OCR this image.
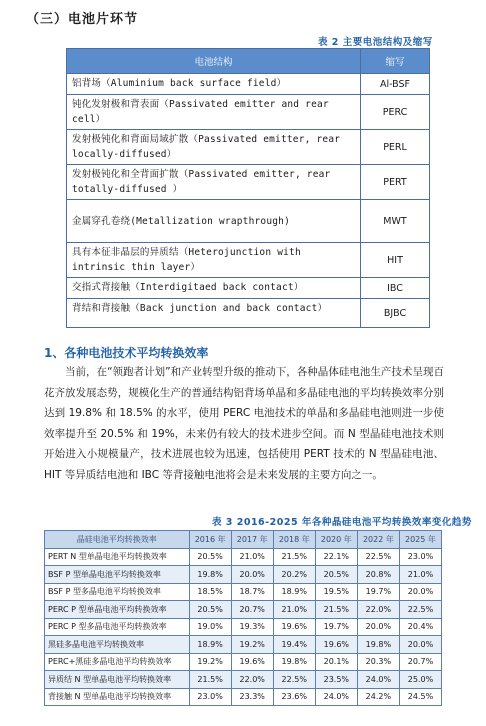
（三）电池片环节
表 2 主要电池结构及缩写
电池结构	缩写
铝背场（Aluminium back surface field）	Al-BSF
钝化发射极和背表面（Passivated emitter and rear cell）	PERC
发射极钝化和背面局域扩散（Passivated emitter, rear locally-diffused）	PERL
发射极钝化和全背面扩散（Passivated emitter, rear totally-diffused ）	PERT
金属穿孔卷绕(Metallization wrapthrough)	MWT
具有本征非晶层的异质结（Heterojunction with intrinsic thin layer）	HIT
交指式背接触（Interdigitaed back contact）	IBC
背结和背接触（Back junction and back contact）	BJBC
1、各种电池技术平均转换效率
当前，在“领跑者计划”和产业转型升级的推动下，各种晶体硅电池生产技术呈现百花齐放发展态势，规模化生产的普通结构铝背场单晶和多晶硅电池的平均转换效率分别达到 19.8% 和 18.5% 的水平，使用 PERC 电池技术的单晶和多晶硅电池则进一步使效率提升至 20.5% 和 19%，未来仍有较大的技术进步空间。而 N 型晶硅电池技术则开始进入小规模量产，技术进展也较为迅速，包括使用 PERT 技术的 N 型晶硅电池、HIT 等异质结电池和 IBC 等背接触电池将会是未来发展的主要方向之一。
表 3 2016-2025 年各种晶硅电池平均转换效率变化趋势
晶硅电池平均转换效率	2016 年	2017 年	2018 年	2020 年	2022 年	2025 年
PERT N 型单晶电池平均转换效率	20.5%	21.0%	21.5%	22.1%	22.5%	23.0%
BSF P 型单晶电池平均转换效率	19.8%	20.0%	20.2%	20.5%	20.8%	21.0%
BSF P 型多晶电池平均转换效率	18.5%	18.7%	18.9%	19.5%	19.7%	20.0%
PERC P 型单晶电池平均转换效率	20.5%	20.7%	21.0%	21.5%	22.0%	22.5%
PERC P 型多晶电池平均转换效率	19.0%	19.3%	19.6%	19.7%	20.0%	20.4%
黑硅多晶电池平均转换效率	18.9%	19.2%	19.4%	19.6%	19.8%	20.0%
PERC+黑硅多晶电池平均转换效率	19.2%	19.6%	19.8%	20.1%	20.3%	20.7%
异质结 N 型单晶电池平均转换效率	21.5%	22.0%	22.5%	23.5%	24.0%	25.0%
背接触 N 型单晶电池平均转换效率	23.0%	23.3%	23.6%	24.0%	24.2%	24.5%
